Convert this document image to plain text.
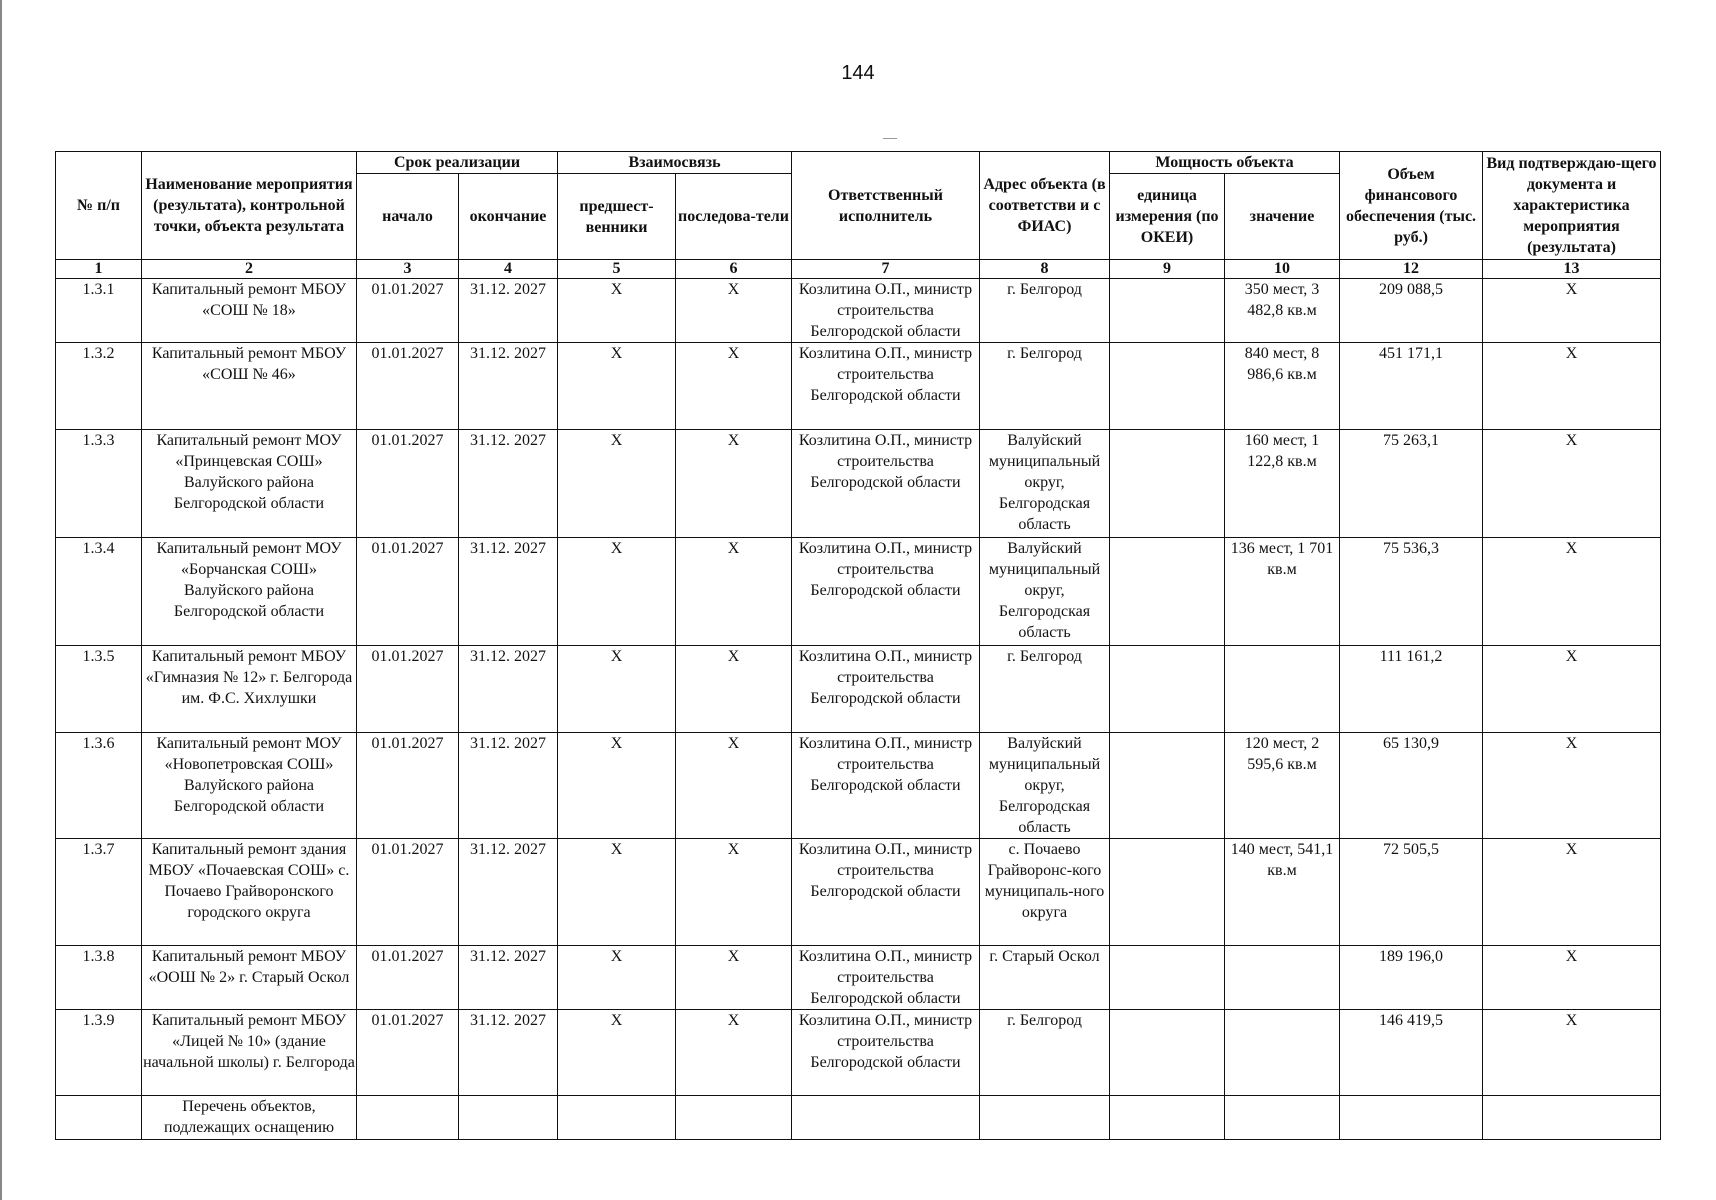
144
№ п/п	Наименование мероприятия (результата), контрольной точки, объекта результата	Срок реализации		Взаимосвязь		Ответственный исполнитель	Адрес объекта (в соответстви и с ФИАС)	Мощность объекта		Объем финансового обеспечения (тыс. руб.)	Вид подтверждаю-щего документа и характеристика мероприятия (результата)
		начало	окончание	предшест-венники	последова-тели			единица измерения (по ОКЕИ)	значение		
1	2	3	4	5	6	7	8	9	10	12	13
1.3.1	Капитальный ремонт МБОУ «СОШ № 18»	01.01.2027	31.12. 2027	X	X	Козлитина О.П., министр строительства Белгородской области	г. Белгород		350 мест, 3 482,8 кв.м	209 088,5	X
1.3.2	Капитальный ремонт МБОУ «СОШ № 46»	01.01.2027	31.12. 2027	X	X	Козлитина О.П., министр строительства Белгородской области	г. Белгород		840 мест, 8 986,6 кв.м	451 171,1	X
1.3.3	Капитальный ремонт МОУ «Принцевская СОШ» Валуйского района Белгородской области	01.01.2027	31.12. 2027	X	X	Козлитина О.П., министр строительства Белгородской области	Валуйский муниципальный округ, Белгородская область		160 мест, 1 122,8 кв.м	75 263,1	X
1.3.4	Капитальный ремонт МОУ «Борчанская СОШ» Валуйского района Белгородской области	01.01.2027	31.12. 2027	X	X	Козлитина О.П., министр строительства Белгородской области	Валуйский муниципальный округ, Белгородская область		136 мест, 1 701 кв.м	75 536,3	X
1.3.5	Капитальный ремонт МБОУ «Гимназия № 12» г. Белгорода им. Ф.С. Хихлушки	01.01.2027	31.12. 2027	X	X	Козлитина О.П., министр строительства Белгородской области	г. Белгород			111 161,2	X
1.3.6	Капитальный ремонт МОУ «Новопетровская СОШ» Валуйского района Белгородской области	01.01.2027	31.12. 2027	X	X	Козлитина О.П., министр строительства Белгородской области	Валуйский муниципальный округ, Белгородская область		120 мест, 2 595,6 кв.м	65 130,9	X
1.3.7	Капитальный ремонт здания МБОУ «Почаевская СОШ» с. Почаево Грайворонского городского округа	01.01.2027	31.12. 2027	X	X	Козлитина О.П., министр строительства Белгородской области	с. Почаево Грайворонс-кого муниципаль-ного округа		140 мест, 541,1 кв.м	72 505,5	X
1.3.8	Капитальный ремонт МБОУ «ООШ № 2» г. Старый Оскол	01.01.2027	31.12. 2027	X	X	Козлитина О.П., министр строительства Белгородской области	г. Старый Оскол			189 196,0	X
1.3.9	Капитальный ремонт МБОУ «Лицей № 10» (здание начальной школы) г. Белгорода	01.01.2027	31.12. 2027	X	X	Козлитина О.П., министр строительства Белгородской области	г. Белгород			146 419,5	X
	Перечень объектов, подлежащих оснащению										
